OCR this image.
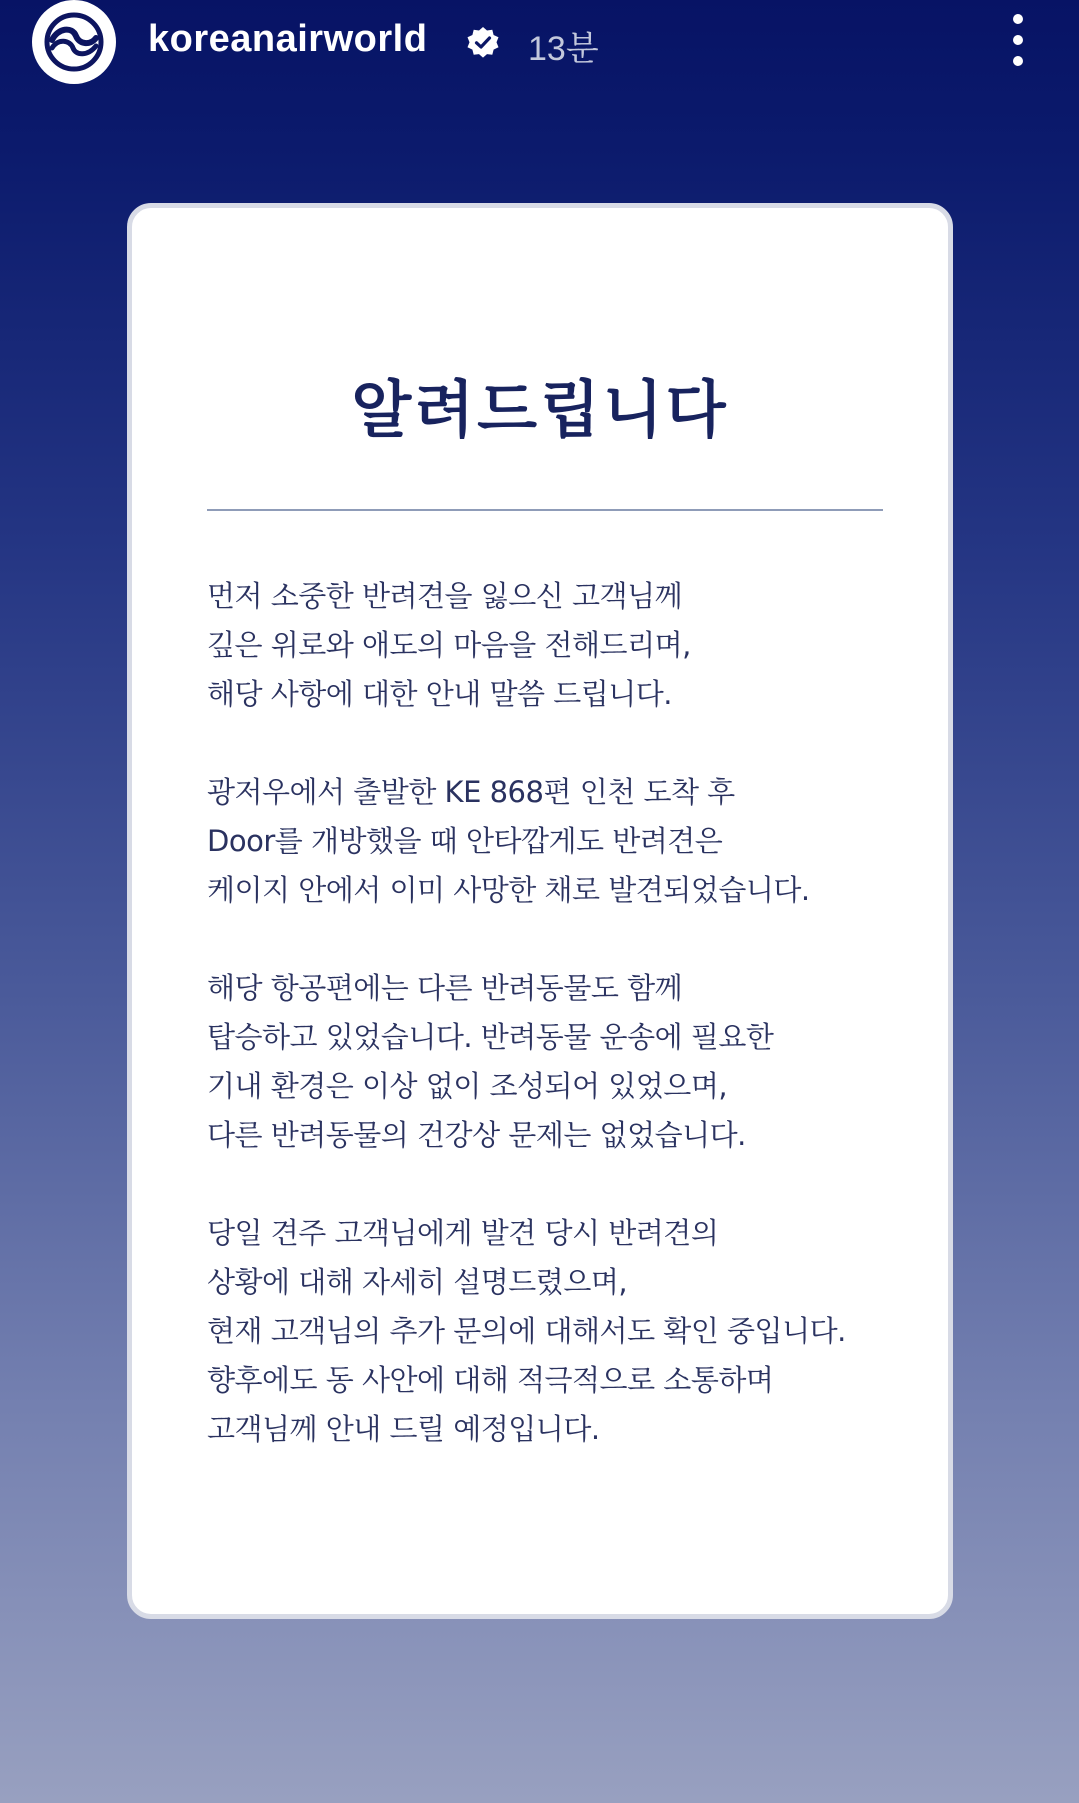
koreanairworld	13분
알려드립니다
먼저 소중한 반려견을 잃으신 고객님께
깊은 위로와 애도의 마음을 전해드리며,
해당 사항에 대한 안내 말씀 드립니다.
광저우에서 출발한 KE 868편 인천 도착 후
Door를 개방했을 때 안타깝게도 반려견은
케이지 안에서 이미 사망한 채로 발견되었습니다.
해당 항공편에는 다른 반려동물도 함께
탑승하고 있었습니다. 반려동물 운송에 필요한
기내 환경은 이상 없이 조성되어 있었으며,
다른 반려동물의 건강상 문제는 없었습니다.
당일 견주 고객님에게 발견 당시 반려견의
상황에 대해 자세히 설명드렸으며,
현재 고객님의 추가 문의에 대해서도 확인 중입니다.
향후에도 동 사안에 대해 적극적으로 소통하며
고객님께 안내 드릴 예정입니다.
